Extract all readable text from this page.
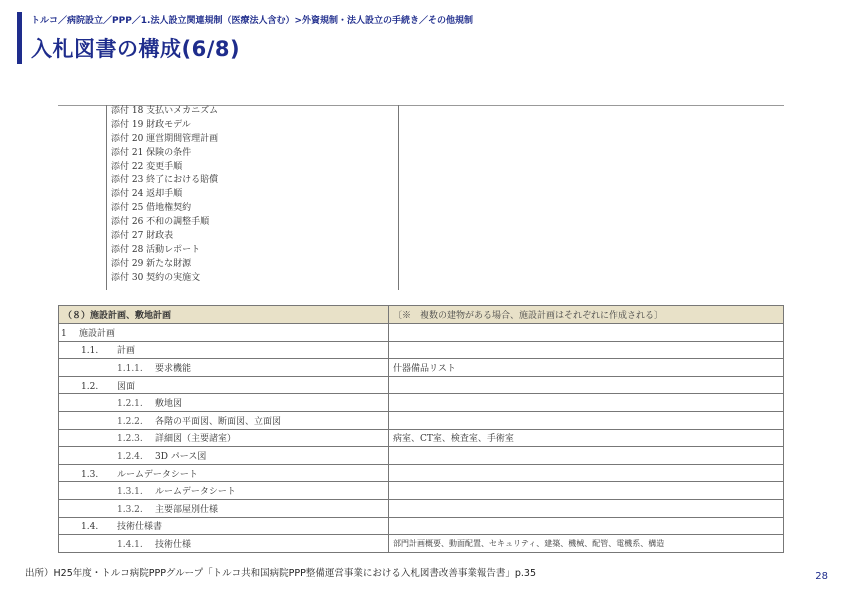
トルコ／病院設立／PPP／1.法人設立関連規制（医療法人含む）>外資規制・法人設立の手続き／その他規制
入札図書の構成(6/8)

添付 18 支払いメカニズム
添付 19 財政モデル
添付 20 運営期間管理計画
添付 21 保険の条件
添付 22 変更手順
添付 23 終了における賠償
添付 24 返却手順
添付 25 借地権契約
添付 26 不和の調整手順
添付 27 財政表
添付 28 活動レポート
添付 29 新たな財源
添付 30 契約の実施文

（８）施設計画、敷地計画	〔※　複数の建物がある場合、施設計画はそれぞれに作成される〕
1 施設計画	
1.1. 計画	
1.1.1. 要求機能	什器備品リスト
1.2. 図面	
1.2.1. 敷地図	
1.2.2. 各階の平面図、断面図、立面図	
1.2.3. 詳細図（主要諸室）	病室、CT室、検査室、手術室
1.2.4. 3D パース図	
1.3. ルームデータシート	
1.3.1. ルームデータシート	
1.3.2. 主要部屋別仕様	
1.4. 技術仕様書	
1.4.1. 技術仕様	部門計画概要、動面配置、セキュリティ、建築、機械、配管、電機系、構造
出所）H25年度・トルコ病院PPPグループ「トルコ共和国病院PPP整備運営事業における入札図書改善事業報告書」p.35	28
